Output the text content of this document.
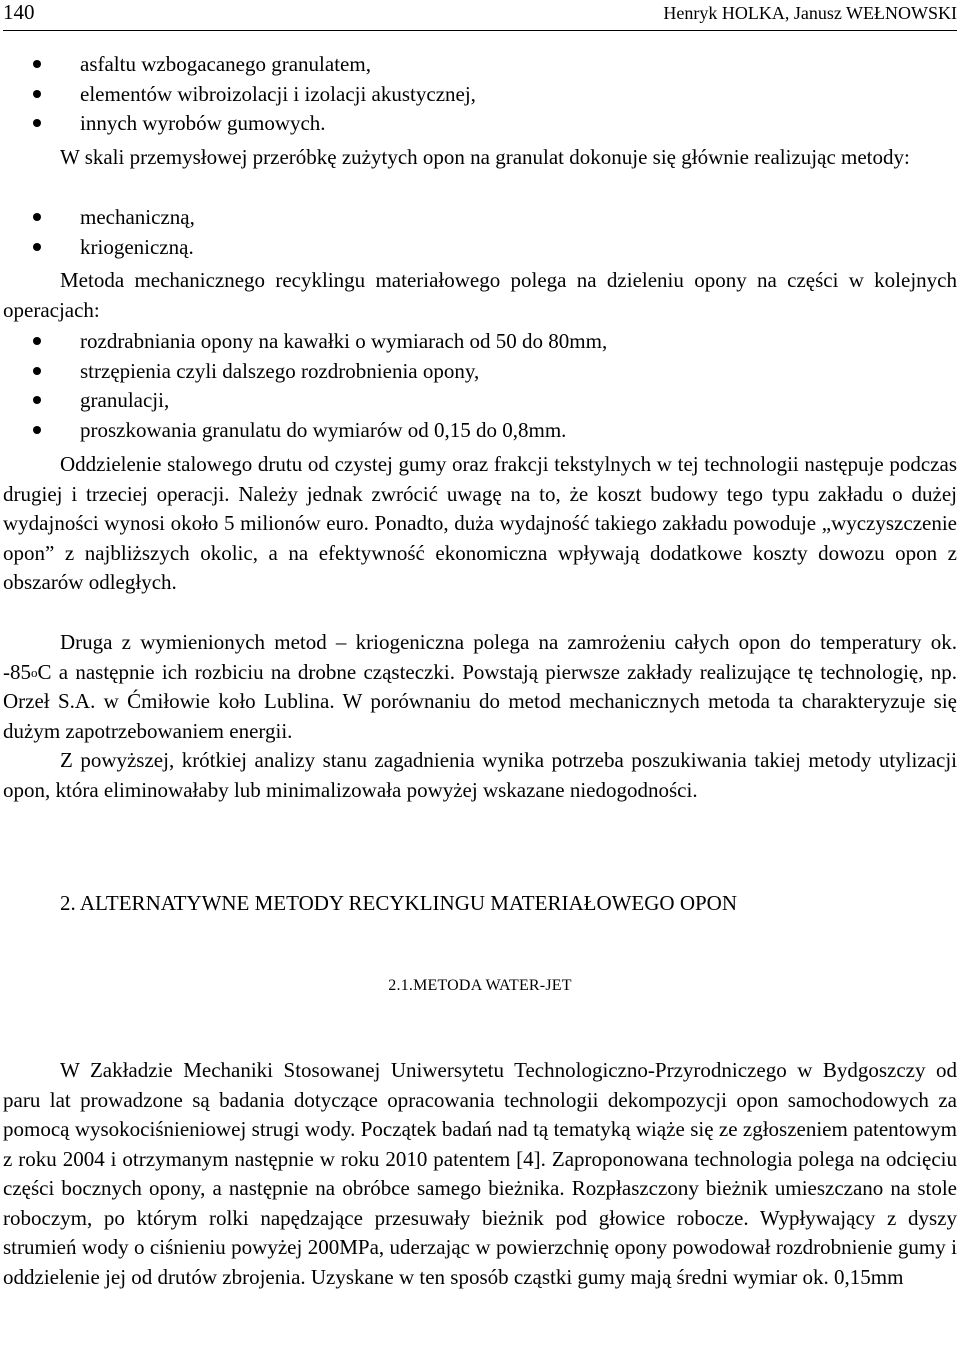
140	Henryk HOLKA, Janusz WEŁNOWSKI
asfaltu wzbogacanego granulatem,
elementów wibroizolacji i izolacji akustycznej,
innych wyrobów gumowych.

W skali przemysłowej przeróbkę zużytych opon na granulat dokonuje się głównie realizując metody:

mechaniczną,
kriogeniczną.

Metoda mechanicznego recyklingu materiałowego polega na dzieleniu opony na części w kolejnych operacjach:

rozdrabniania opony na kawałki o wymiarach od 50 do 80mm,
strzępienia czyli dalszego rozdrobnienia opony,
granulacji,
proszkowania granulatu do wymiarów od 0,15 do 0,8mm.

Oddzielenie stalowego drutu od czystej gumy oraz frakcji tekstylnych w tej technologii następuje podczas drugiej i trzeciej operacji. Należy jednak zwrócić uwagę na to, że koszt budowy tego typu zakładu o dużej wydajności wynosi około 5 milionów euro. Ponadto, duża wydajność takiego zakładu powoduje „wyczyszczenie opon” z najbliższych okolic, a na efektywność ekonomiczna wpływają dodatkowe koszty dowozu opon z obszarów odległych.

Druga z wymienionych metod – kriogeniczna polega na zamrożeniu całych opon do temperatury ok. -85$^o$C a następnie ich rozbiciu na drobne cząsteczki. Powstają pierwsze zakłady realizujące tę technologię, np. Orzeł S.A. w Ćmiłowie koło Lublina. W porównaniu do metod mechanicznych metoda ta charakteryzuje się dużym zapotrzebowaniem energii.

Z powyższej, krótkiej analizy stanu zagadnienia wynika potrzeba poszukiwania takiej metody utylizacji opon, która eliminowałaby lub minimalizowała powyżej wskazane niedogodności.

2. ALTERNATYWNE METODY RECYKLINGU MATERIAŁOWEGO OPON
2.1.METODA WATER-JET

W Zakładzie Mechaniki Stosowanej Uniwersytetu Technologiczno-Przyrodniczego w Bydgoszczy od paru lat prowadzone są badania dotyczące opracowania technologii dekompozycji opon samochodowych za pomocą wysokociśnieniowej strugi wody. Początek badań nad tą tematyką wiąże się ze zgłoszeniem patentowym z roku 2004 i otrzymanym następnie w roku 2010 patentem [4]. Zaproponowana technologia polega na odcięciu części bocznych opony, a następnie na obróbce samego bieżnika. Rozpłaszczony bieżnik umieszczano na stole roboczym, po którym rolki napędzające przesuwały bieżnik pod głowice robocze. Wypływający z dyszy strumień wody o ciśnieniu powyżej 200MPa, uderzając w powierzchnię opony powodował rozdrobnienie gumy i oddzielenie jej od drutów zbrojenia. Uzyskane w ten sposób cząstki gumy mają średni wymiar ok. 0,15mm
